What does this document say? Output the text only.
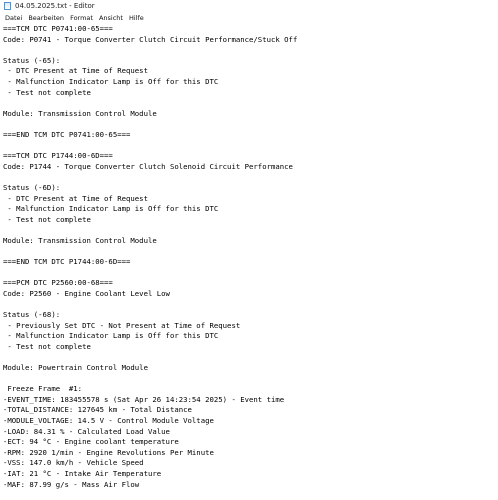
04.05.2025.txt - Editor
Datei Bearbeiten Format Ansicht Hilfe
===TCM DTC P0741:00-65===
Code: P0741 - Torque Converter Clutch Circuit Performance/Stuck Off
Status (-65):
- DTC Present at Time of Request
- Malfunction Indicator Lamp is Off for this DTC
- Test not complete
Module: Transmission Control Module
===END TCM DTC P0741:00-65===
===TCM DTC P1744:00-6D===
Code: P1744 - Torque Converter Clutch Solenoid Circuit Performance
Status (-6D):
- DTC Present at Time of Request
- Malfunction Indicator Lamp is Off for this DTC
- Test not complete
Module: Transmission Control Module
===END TCM DTC P1744:00-6D===
===PCM DTC P2560:00-68===
Code: P2560 - Engine Coolant Level Low
Status (-68):
- Previously Set DTC - Not Present at Time of Request
- Malfunction Indicator Lamp is Off for this DTC
- Test not complete
Module: Powertrain Control Module
Freeze Frame  #1:
-EVENT_TIME: 183455578 s (Sat Apr 26 14:23:54 2025) - Event time
-TOTAL_DISTANCE: 127645 km - Total Distance
-MODULE_VOLTAGE: 14.5 V - Control Module Voltage
-LOAD: 84.31 % - Calculated Load Value
-ECT: 94 °C - Engine coolant temperature
-RPM: 2920 1/min - Engine Revolutions Per Minute
-VSS: 147.0 km/h - Vehicle Speed
-IAT: 21 °C - Intake Air Temperature
-MAF: 87.99 g/s - Mass Air Flow
